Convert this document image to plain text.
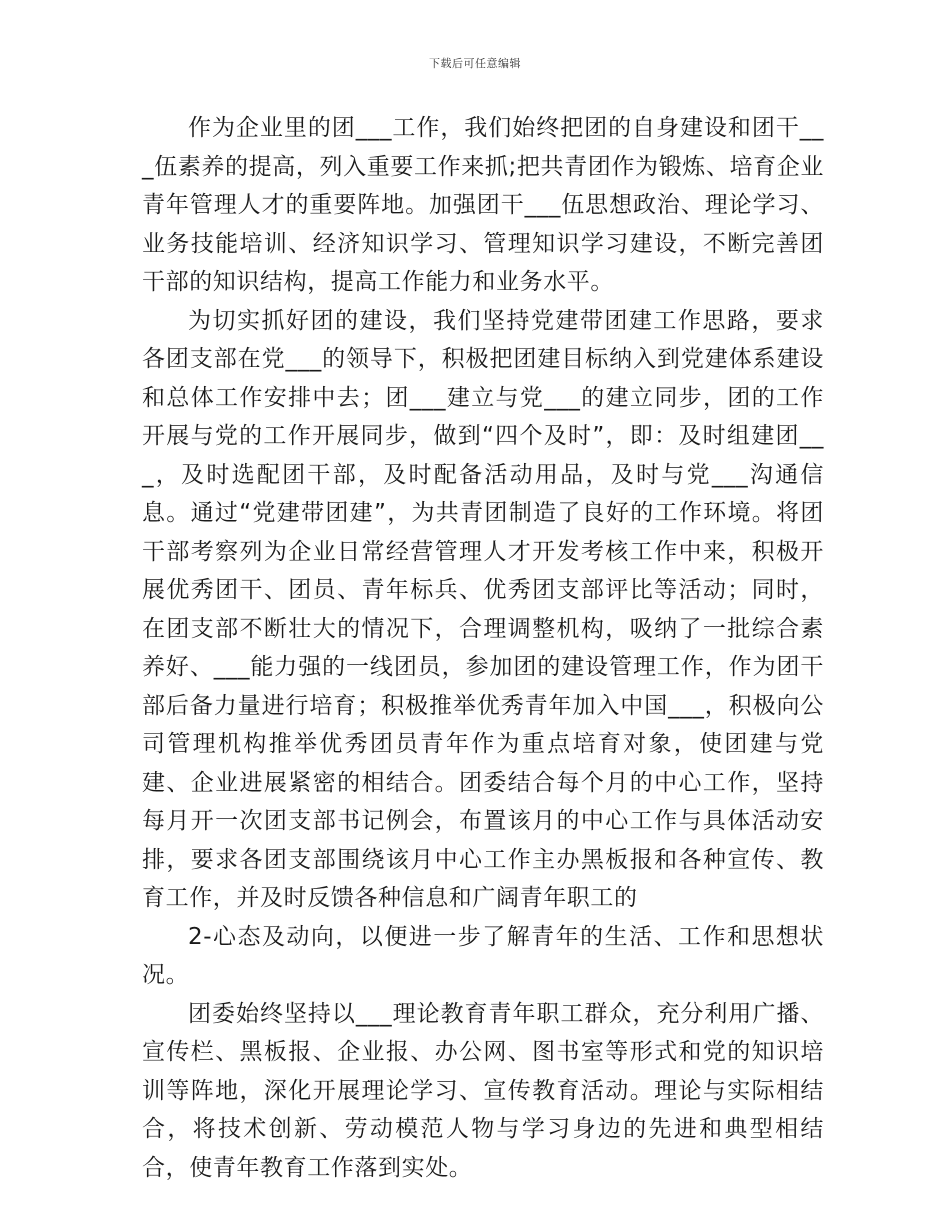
下载后可任意编辑

作为企业里的团___工作，我们始终把团的自身建设和团干___伍素养的提高，列入重要工作来抓;把共青团作为锻炼、培育企业青年管理人才的重要阵地。加强团干___伍思想政治、理论学习、业务技能培训、经济知识学习、管理知识学习建设，不断完善团干部的知识结构，提高工作能力和业务水平。

为切实抓好团的建设，我们坚持党建带团建工作思路，要求各团支部在党___的领导下，积极把团建目标纳入到党建体系建设和总体工作安排中去；团___建立与党___的建立同步，团的工作开展与党的工作开展同步，做到“四个及时”，即：及时组建团___，及时选配团干部，及时配备活动用品，及时与党___沟通信息。通过“党建带团建”，为共青团制造了良好的工作环境。将团干部考察列为企业日常经营管理人才开发考核工作中来，积极开展优秀团干、团员、青年标兵、优秀团支部评比等活动；同时，在团支部不断壮大的情况下，合理调整机构，吸纳了一批综合素养好、___能力强的一线团员，参加团的建设管理工作，作为团干部后备力量进行培育；积极推举优秀青年加入中国___，积极向公司管理机构推举优秀团员青年作为重点培育对象，使团建与党建、企业进展紧密的相结合。团委结合每个月的中心工作，坚持每月开一次团支部书记例会，布置该月的中心工作与具体活动安排，要求各团支部围绕该月中心工作主办黑板报和各种宣传、教育工作，并及时反馈各种信息和广阔青年职工的

2-心态及动向，以便进一步了解青年的生活、工作和思想状况。

团委始终坚持以___理论教育青年职工群众，充分利用广播、宣传栏、黑板报、企业报、办公网、图书室等形式和党的知识培训等阵地，深化开展理论学习、宣传教育活动。理论与实际相结合，将技术创新、劳动模范人物与学习身边的先进和典型相结合，使青年教育工作落到实处。
